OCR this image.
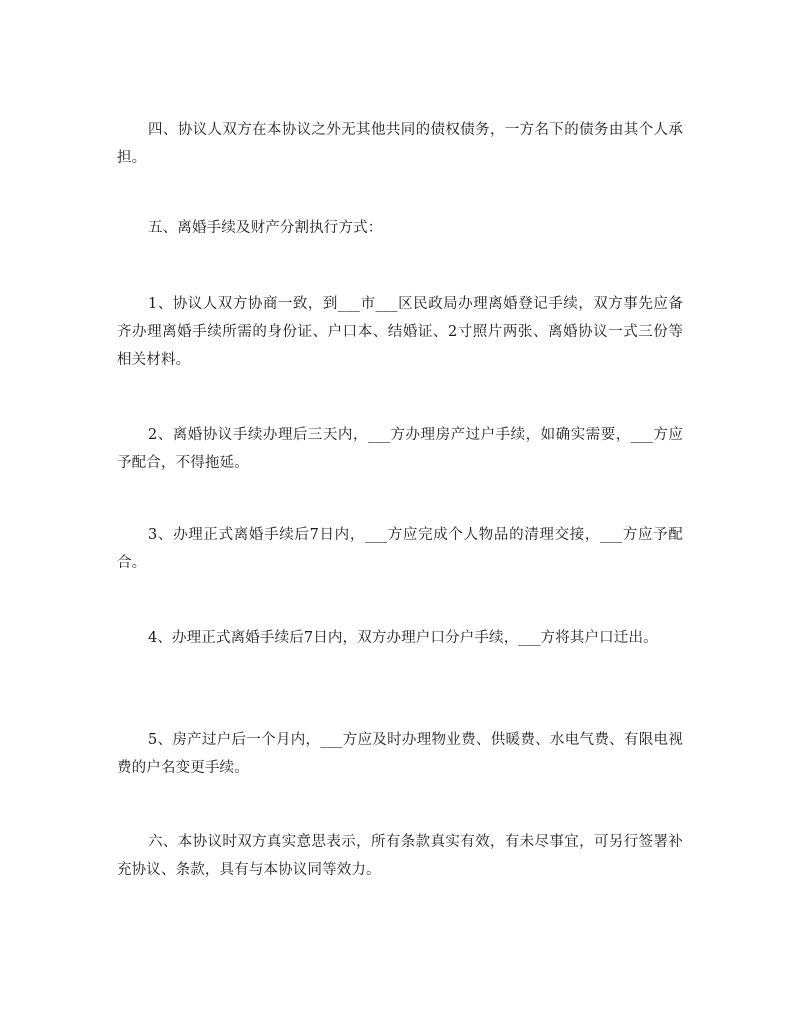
四、协议人双方在本协议之外无其他共同的债权债务，一方名下的债务由其个人承担。

五、离婚手续及财产分割执行方式：

1、协议人双方协商一致，到___市___区民政局办理离婚登记手续，双方事先应备齐办理离婚手续所需的身份证、户口本、结婚证、2寸照片两张、离婚协议一式三份等相关材料。

2、离婚协议手续办理后三天内，___方办理房产过户手续，如确实需要，___方应予配合，不得拖延。

3、办理正式离婚手续后7日内，___方应完成个人物品的清理交接，___方应予配合。

4、办理正式离婚手续后7日内，双方办理户口分户手续，___方将其户口迁出。

5、房产过户后一个月内，___方应及时办理物业费、供暖费、水电气费、有限电视费的户名变更手续。

六、本协议时双方真实意思表示，所有条款真实有效，有未尽事宜，可另行签署补充协议、条款，具有与本协议同等效力。
